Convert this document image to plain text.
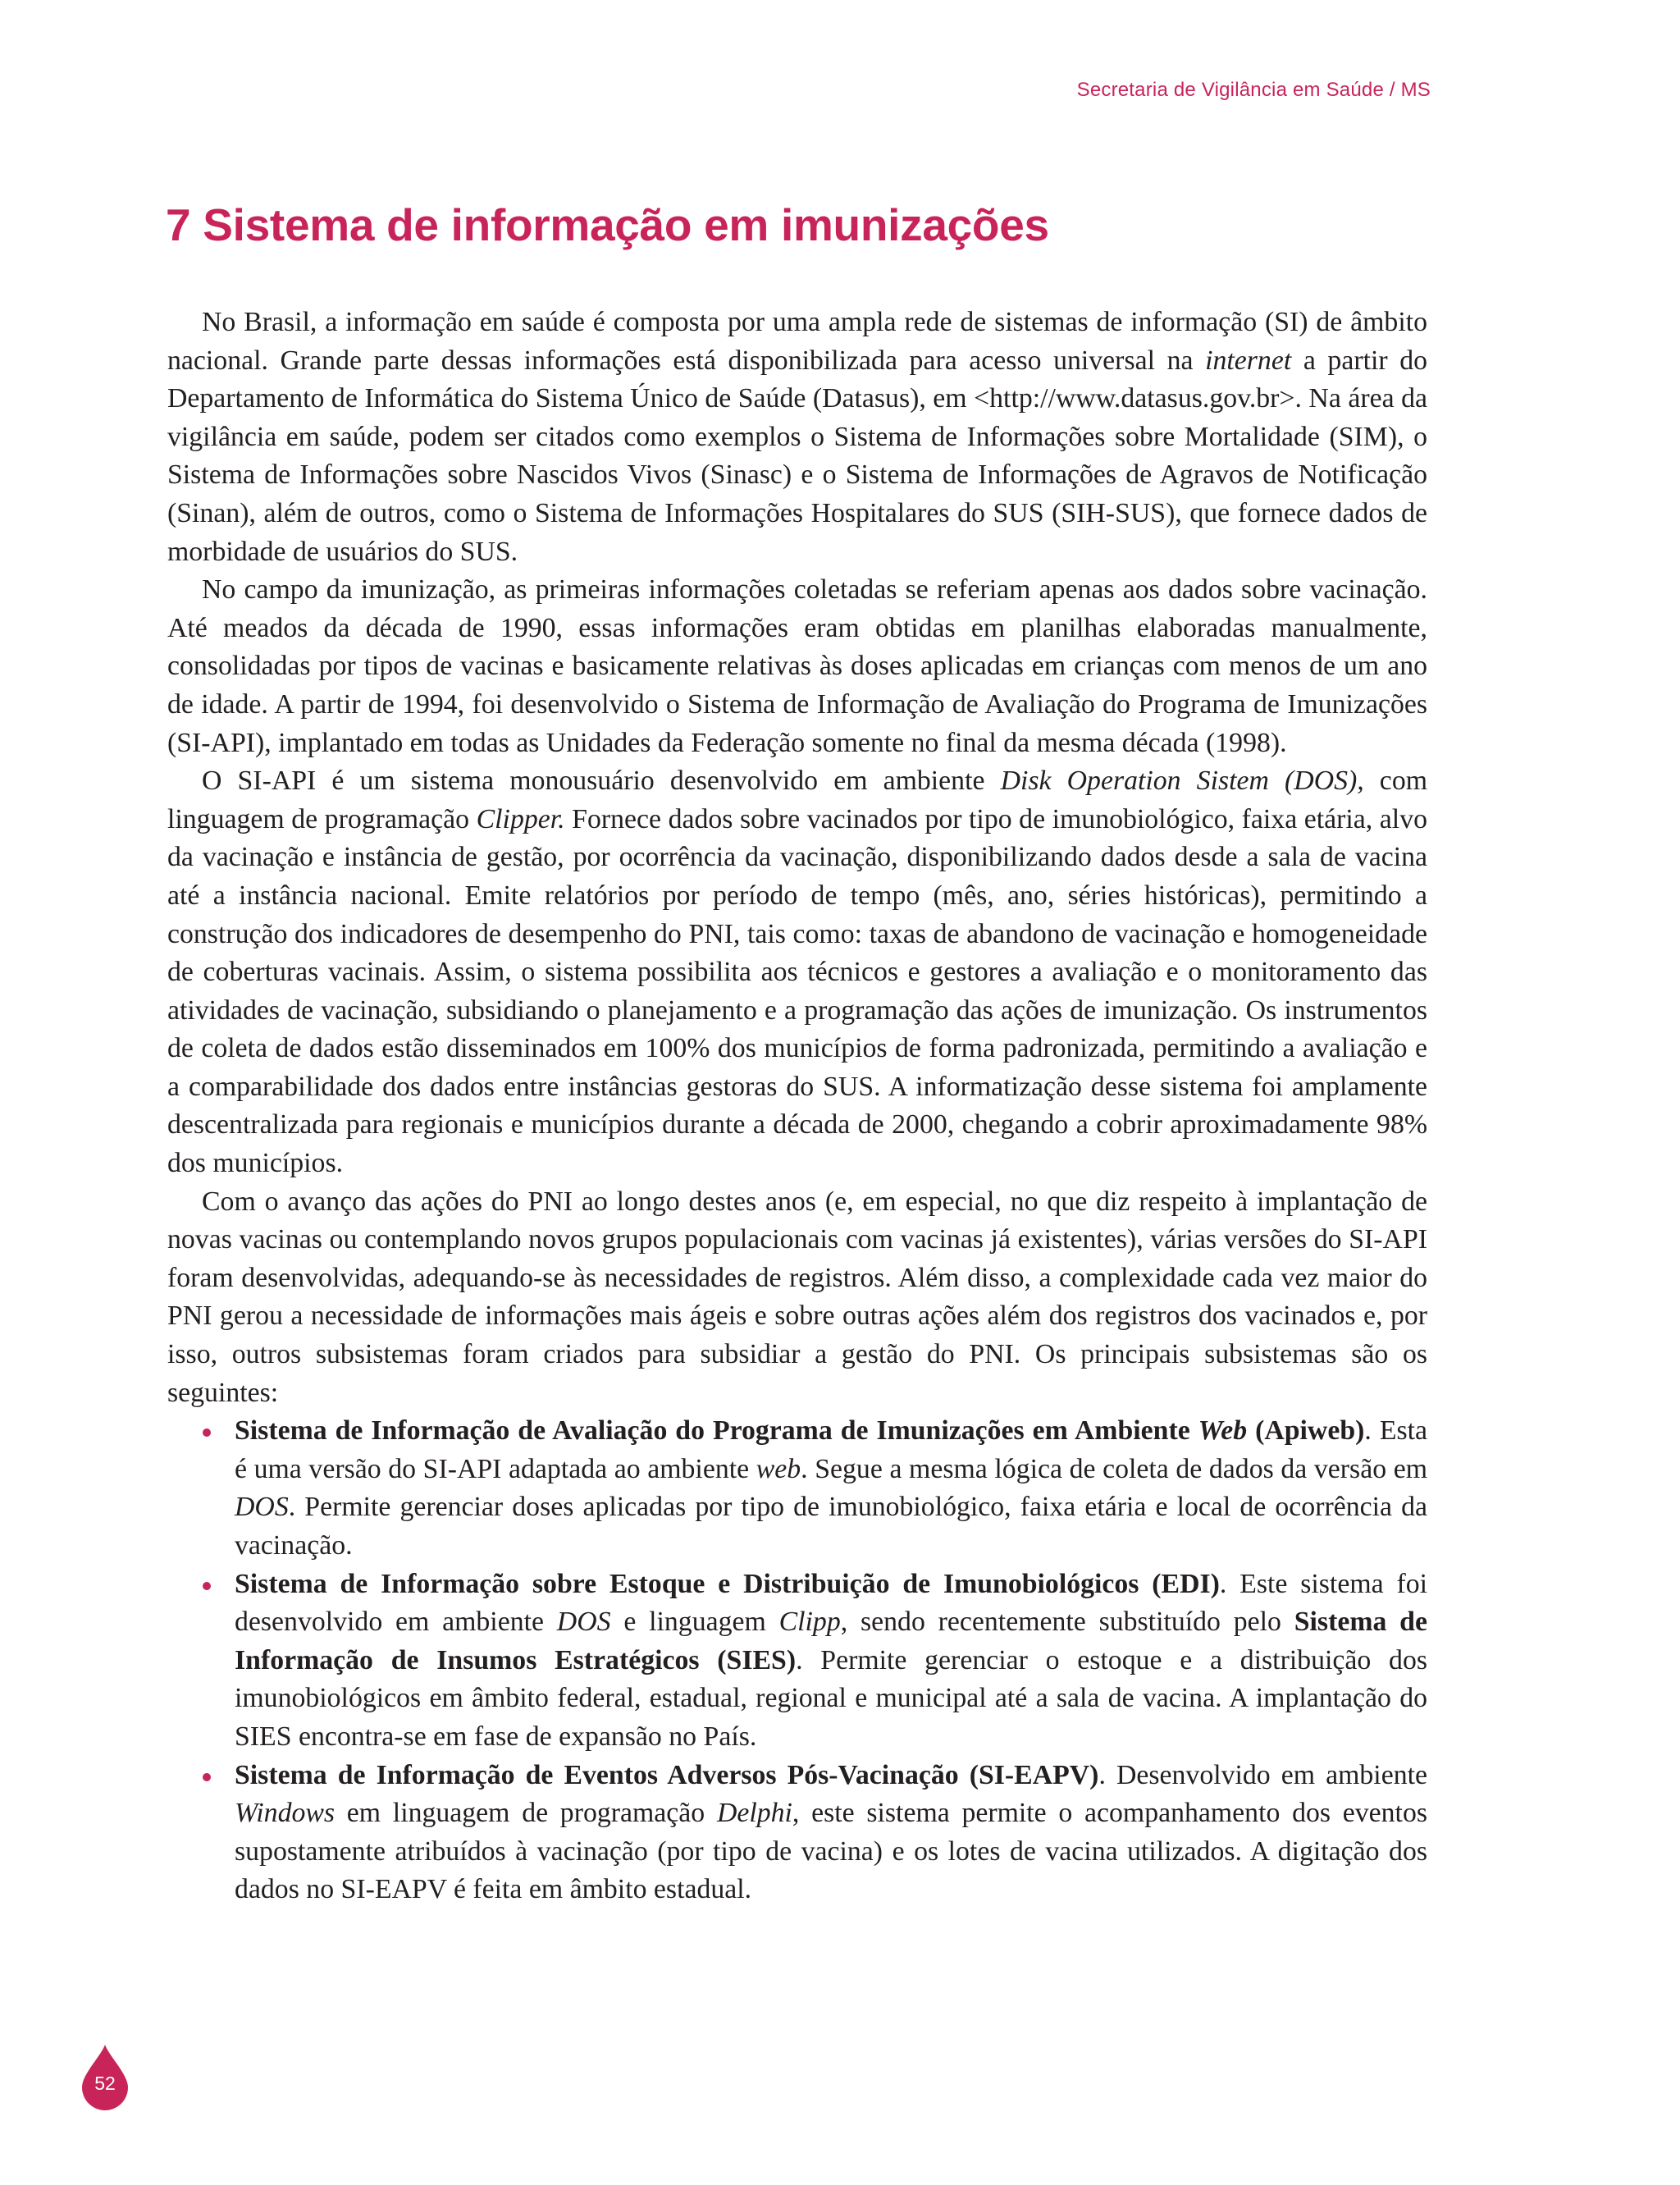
Secretaria de Vigilância em Saúde / MS
7 Sistema de informação em imunizações

No Brasil, a informação em saúde é composta por uma ampla rede de sistemas de informação (SI) de âmbito nacional. Grande parte dessas informações está disponibilizada para acesso universal na internet a partir do Departamento de Informática do Sistema Único de Saúde (Datasus), em <http://www.datasus.gov.br>. Na área da vigilância em saúde, podem ser citados como exemplos o Sistema de Informações sobre Mortalidade (SIM), o Sistema de Informações sobre Nascidos Vivos (Sinasc) e o Sistema de Informações de Agravos de Notificação (Sinan), além de outros, como o Sistema de Informações Hospitalares do SUS (SIH-SUS), que fornece dados de morbidade de usuários do SUS.

No campo da imunização, as primeiras informações coletadas se referiam apenas aos dados sobre vacinação. Até meados da década de 1990, essas informações eram obtidas em planilhas elaboradas manualmente, consolidadas por tipos de vacinas e basicamente relativas às doses aplicadas em crianças com menos de um ano de idade. A partir de 1994, foi desenvolvido o Sistema de Informação de Avaliação do Programa de Imunizações (SI-API), implantado em todas as Unidades da Federação somente no final da mesma década (1998).

O SI-API é um sistema monousuário desenvolvido em ambiente Disk Operation Sistem (DOS), com linguagem de programação Clipper. Fornece dados sobre vacinados por tipo de imunobiológico, faixa etária, alvo da vacinação e instância de gestão, por ocorrência da vacinação, disponibilizando dados desde a sala de vacina até a instância nacional. Emite relatórios por período de tempo (mês, ano, séries históricas), permitindo a construção dos indicadores de desempenho do PNI, tais como: taxas de abandono de vacinação e homogeneidade de coberturas vacinais. Assim, o sistema possibilita aos técnicos e gestores a avaliação e o monitoramento das atividades de vacinação, subsidiando o planejamento e a programação das ações de imunização. Os instrumentos de coleta de dados estão disseminados em 100% dos municípios de forma padronizada, permitindo a avaliação e a comparabilidade dos dados entre instâncias gestoras do SUS. A informatização desse sistema foi amplamente descentralizada para regionais e municípios durante a década de 2000, chegando a cobrir aproximadamente 98% dos municípios.

Com o avanço das ações do PNI ao longo destes anos (e, em especial, no que diz respeito à implantação de novas vacinas ou contemplando novos grupos populacionais com vacinas já existentes), várias versões do SI-API foram desenvolvidas, adequando-se às necessidades de registros. Além disso, a complexidade cada vez maior do PNI gerou a necessidade de informações mais ágeis e sobre outras ações além dos registros dos vacinados e, por isso, outros subsistemas foram criados para subsidiar a gestão do PNI. Os principais subsistemas são os seguintes:

Sistema de Informação de Avaliação do Programa de Imunizações em Ambiente Web (Apiweb). Esta é uma versão do SI-API adaptada ao ambiente web. Segue a mesma lógica de coleta de dados da versão em DOS. Permite gerenciar doses aplicadas por tipo de imunobiológico, faixa etária e local de ocorrência da vacinação.
Sistema de Informação sobre Estoque e Distribuição de Imunobiológicos (EDI). Este sistema foi desenvolvido em ambiente DOS e linguagem Clipp, sendo recentemente substituído pelo Sistema de Informação de Insumos Estratégicos (SIES). Permite gerenciar o estoque e a distribuição dos imunobiológicos em âmbito federal, estadual, regional e municipal até a sala de vacina. A implantação do SIES encontra-se em fase de expansão no País.
Sistema de Informação de Eventos Adversos Pós-Vacinação (SI-EAPV). Desenvolvido em ambiente Windows em linguagem de programação Delphi, este sistema permite o acompanhamento dos eventos supostamente atribuídos à vacinação (por tipo de vacina) e os lotes de vacina utilizados. A digitação dos dados no SI-EAPV é feita em âmbito estadual.
52
